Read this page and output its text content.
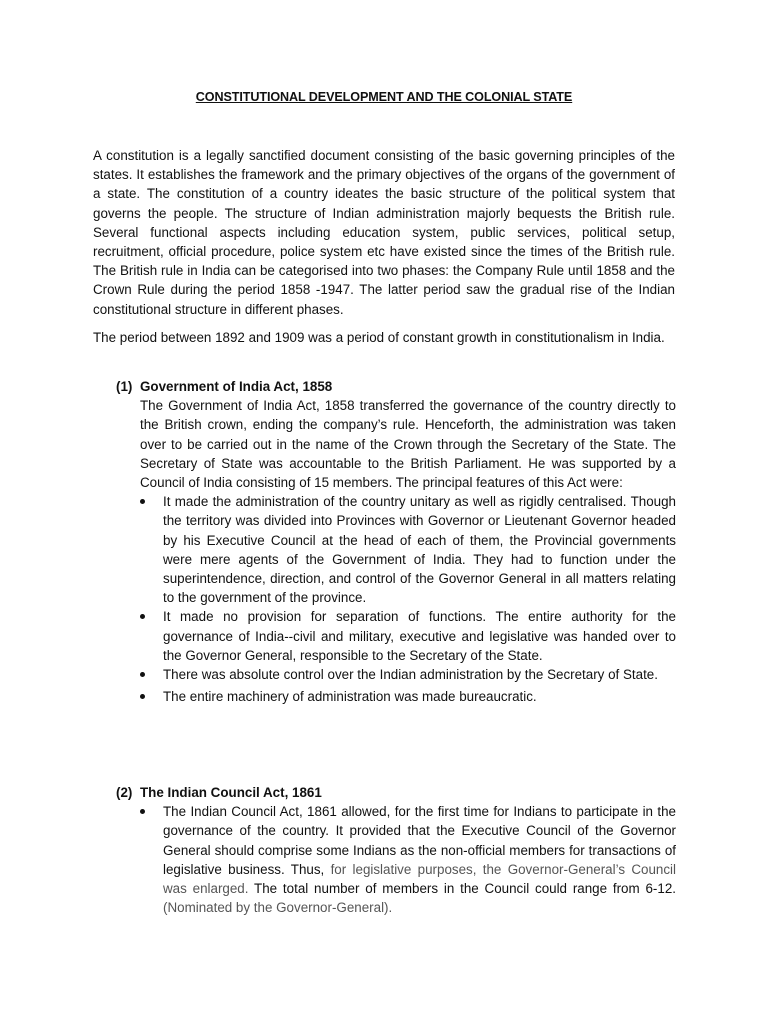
CONSTITUTIONAL DEVELOPMENT AND THE COLONIAL STATE

A constitution is a legally sanctified document consisting of the basic governing principles of the states. It establishes the framework and the primary objectives of the organs of the government of a state. The constitution of a country ideates the basic structure of the political system that governs the people. The structure of Indian administration majorly bequests the British rule. Several functional aspects including education system, public services, political setup, recruitment, official procedure, police system etc have existed since the times of the British rule. The British rule in India can be categorised into two phases: the Company Rule until 1858 and the Crown Rule during the period 1858 -1947. The latter period saw the gradual rise of the Indian constitutional structure in different phases.

The period between 1892 and 1909 was a period of constant growth in constitutionalism in India.

(1) Government of India Act, 1858
The Government of India Act, 1858 transferred the governance of the country directly to the British crown, ending the company’s rule. Henceforth, the administration was taken over to be carried out in the name of the Crown through the Secretary of the State. The Secretary of State was accountable to the British Parliament. He was supported by a Council of India consisting of 15 members. The principal features of this Act were:
It made the administration of the country unitary as well as rigidly centralised. Though the territory was divided into Provinces with Governor or Lieutenant Governor headed by his Executive Council at the head of each of them, the Provincial governments were mere agents of the Government of India. They had to function under the superintendence, direction, and control of the Governor General in all matters relating to the government of the province.
It made no provision for separation of functions. The entire authority for the governance of India--civil and military, executive and legislative was handed over to the Governor General, responsible to the Secretary of the State.
There was absolute control over the Indian administration by the Secretary of State.
The entire machinery of administration was made bureaucratic.
(2) The Indian Council Act, 1861
The Indian Council Act, 1861 allowed, for the first time for Indians to participate in the governance of the country. It provided that the Executive Council of the Governor General should comprise some Indians as the non-official members for transactions of legislative business. Thus, for legislative purposes, the Governor-General’s Council was enlarged. The total number of members in the Council could range from 6-12. (Nominated by the Governor-General).
